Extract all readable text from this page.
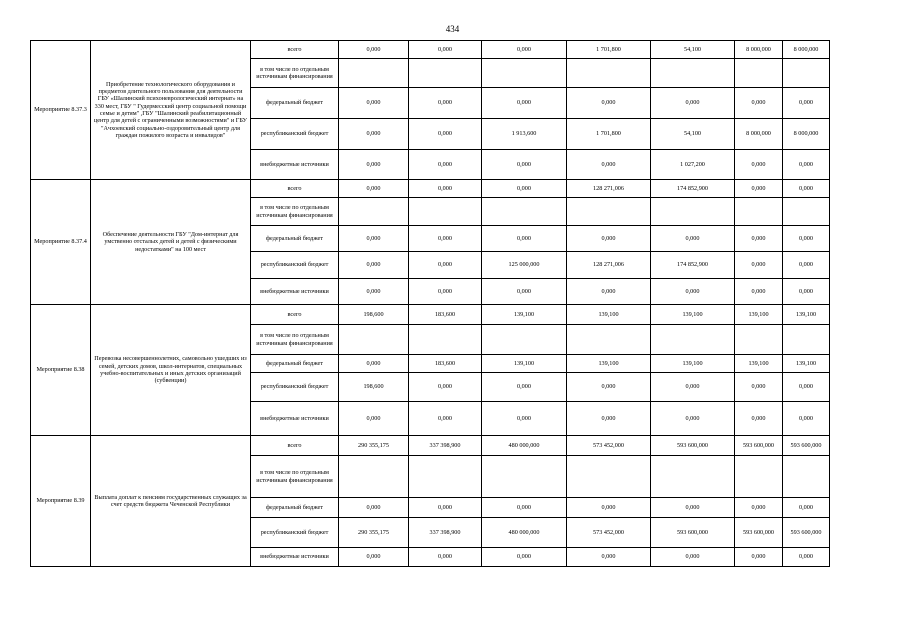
434
Мероприятие 8.37.3	Приобретение технологического оборудования и предметов длительного пользования для деятельности ГБУ «Шалинский психоневрологический интернат» на 330 мест, ГБУ " Гудермесский центр социальной помощи семье и детям" ,ГБУ "Шалинский реабилитационный центр для детей с ограниченными возможностями" и ГБУ "Ачхоевский социально-оздоровительный центр для граждан пожилого возраста и инвалидов"	всего	0,000	0,000	0,000	1 701,800	54,100	8 000,000	8 000,000
		в том числе по отдельным источникам финансирования							
		федеральный бюджет	0,000	0,000	0,000	0,000	0,000	0,000	0,000
		республиканский бюджет	0,000	0,000	1 913,600	1 701,800	54,100	8 000,000	8 000,000
		внебюджетные источники	0,000	0,000	0,000	0,000	1 027,200	0,000	0,000
Мероприятие 8.37.4	Обеспечение деятельности ГБУ "Дом-интернат для умственно отсталых детей и детей с физическими недостатками" на 100 мест	всего	0,000	0,000	0,000	128 271,006	174 852,900	0,000	0,000
		в том числе по отдельным источникам финансирования							
		федеральный бюджет	0,000	0,000	0,000	0,000	0,000	0,000	0,000
		республиканский бюджет	0,000	0,000	125 000,000	128 271,006	174 852,900	0,000	0,000
		внебюджетные источники	0,000	0,000	0,000	0,000	0,000	0,000	0,000
Мероприятие 8.38	Перевозка несовершеннолетних, самовольно ушедших из семей, детских домов, школ-интернатов, специальных учебно-воспитательных и иных детских организаций (субвенции)	всего	198,600	183,600	139,100	139,100	139,100	139,100	139,100
		в том числе по отдельным источникам финансирования							
		федеральный бюджет	0,000	183,600	139,100	139,100	139,100	139,100	139,100
		республиканский бюджет	198,600	0,000	0,000	0,000	0,000	0,000	0,000
		внебюджетные источники	0,000	0,000	0,000	0,000	0,000	0,000	0,000
Мероприятие 8.39	Выплата доплат к пенсиям государственных служащих за счет средств бюджета Чеченской Республики	всего	290 355,175	337 398,900	480 000,000	573 452,000	593 600,000	593 600,000	593 600,000
		в том числе по отдельным источникам финансирования							
		федеральный бюджет	0,000	0,000	0,000	0,000	0,000	0,000	0,000
		республиканский бюджет	290 355,175	337 398,900	480 000,000	573 452,000	593 600,000	593 600,000	593 600,000
		внебюджетные источники	0,000	0,000	0,000	0,000	0,000	0,000	0,000
